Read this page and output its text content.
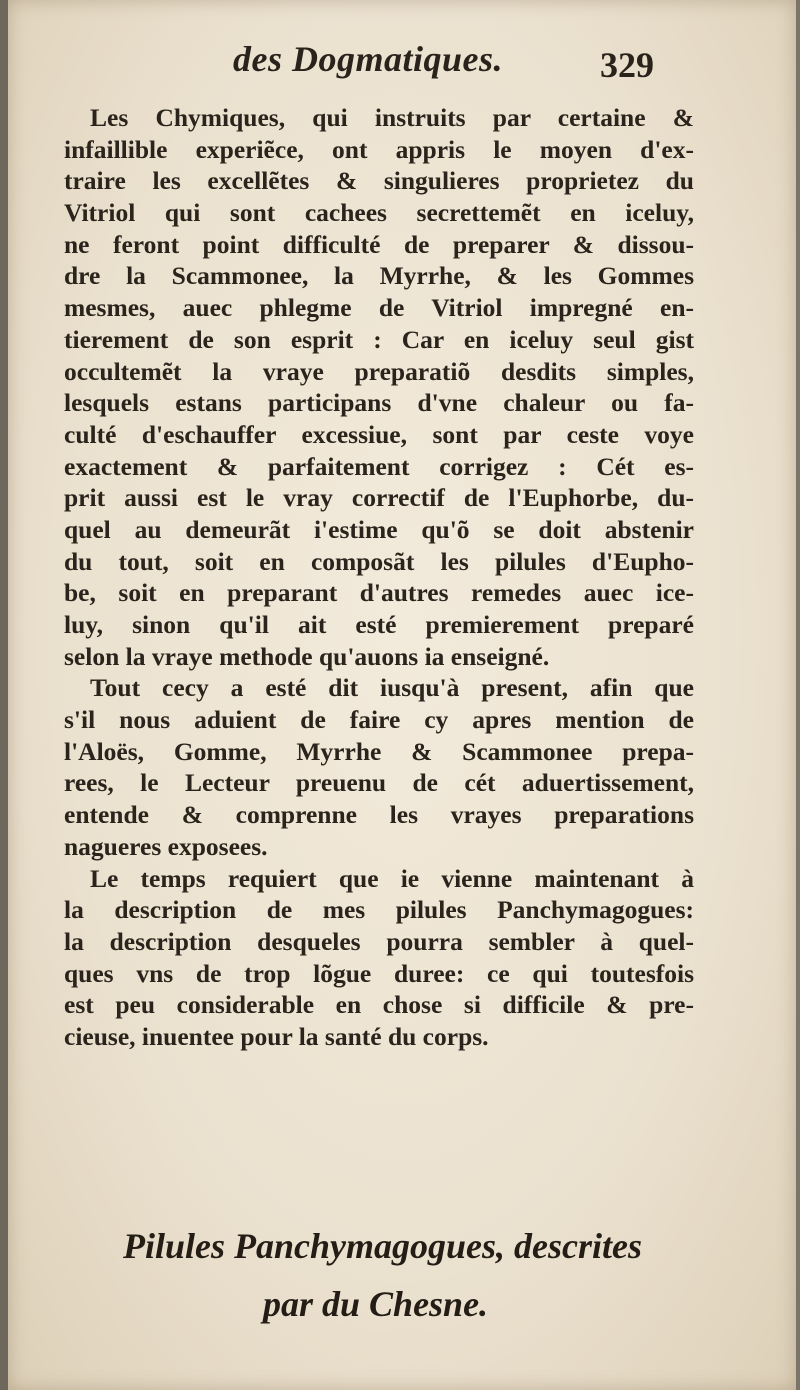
des Dogmatiques.	329
Les Chymiques, qui instruits par certaine &
infaillible experiẽce, ont appris le moyen d'ex-
traire les excellẽtes & singulieres proprietez du
Vitriol qui sont cachees secrettemẽt en iceluy,
ne feront point difficulté de preparer & dissou-
dre la Scammonee, la Myrrhe, & les Gommes
mesmes, auec phlegme de Vitriol impregné en-
tierement de son esprit : Car en iceluy seul gist
occultemẽt la vraye preparatiõ desdits simples,
lesquels estans participans d'vne chaleur ou fa-
culté d'eschauffer excessiue, sont par ceste voye
exactement & parfaitement corrigez : Cét es-
prit aussi est le vray correctif de l'Euphorbe, du-
quel au demeurãt i'estime qu'õ se doit abstenir
du tout, soit en composãt les pilules d'Eupho-
be, soit en preparant d'autres remedes auec ice-
luy, sinon qu'il ait esté premierement preparé
selon la vraye methode qu'auons ia enseigné.
Tout cecy a esté dit iusqu'à present, afin que
s'il nous aduient de faire cy apres mention de
l'Aloës, Gomme, Myrrhe & Scammonee prepa-
rees, le Lecteur preuenu de cét aduertissement,
entende & comprenne les vrayes preparations
nagueres exposees.
Le temps requiert que ie vienne maintenant à
la description de mes pilules Panchymagogues:
la description desqueles pourra sembler à quel-
ques vns de trop lõgue duree: ce qui toutesfois
est peu considerable en chose si difficile & pre-
cieuse, inuentee pour la santé du corps.
Pilules Panchymagogues, descrites
par du Chesne.
